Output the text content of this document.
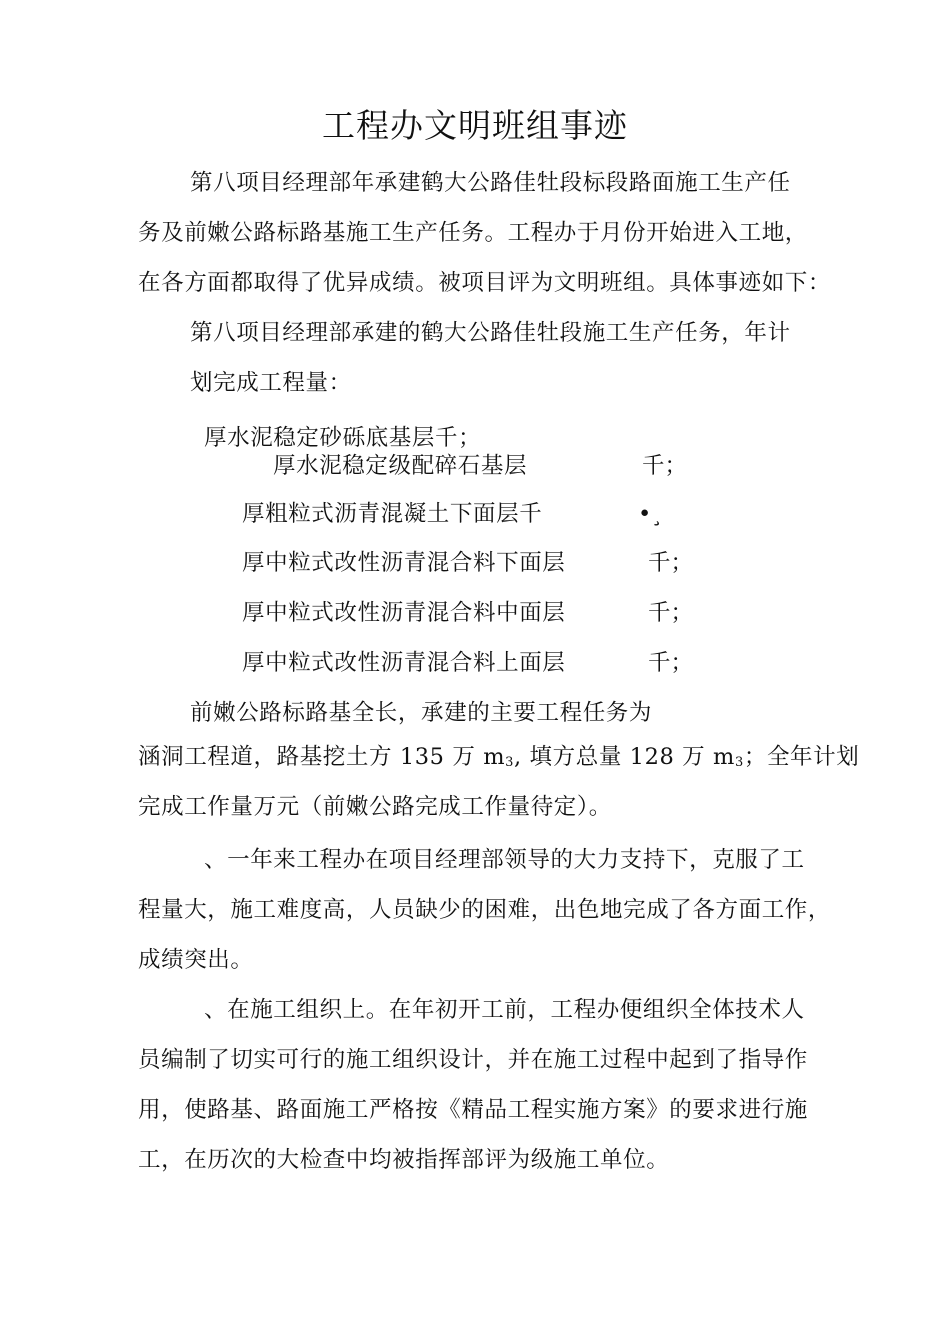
工程办文明班组事迹
第八项目经理部年承建鹤大公路佳牡段标段路面施工生产任
务及前嫩公路标路基施工生产任务。工程办于月份开始进入工地，
在各方面都取得了优异成绩。被项目评为文明班组。具体事迹如下：
第八项目经理部承建的鹤大公路佳牡段施工生产任务，年计
划完成工程量：
厚水泥稳定砂砾底基层千；
厚水泥稳定级配碎石基层	千；
厚粗粒式沥青混凝土下面层千	•¸
厚中粒式改性沥青混合料下面层	千；
厚中粒式改性沥青混合料中面层	千；
厚中粒式改性沥青混合料上面层	千；
前嫩公路标路基全长，承建的主要工程任务为
涵洞工程道，路基挖土方 135 万 $m_3$, 填方总量 128 万 $m_3$；全年计划
完成工作量万元（前嫩公路完成工作量待定）。
、一年来工程办在项目经理部领导的大力支持下，克服了工
程量大，施工难度高，人员缺少的困难，出色地完成了各方面工作，
成绩突出。
、在施工组织上。在年初开工前，工程办便组织全体技术人
员编制了切实可行的施工组织设计，并在施工过程中起到了指导作
用，使路基、路面施工严格按《精品工程实施方案》的要求进行施
工，在历次的大检查中均被指挥部评为级施工单位。
